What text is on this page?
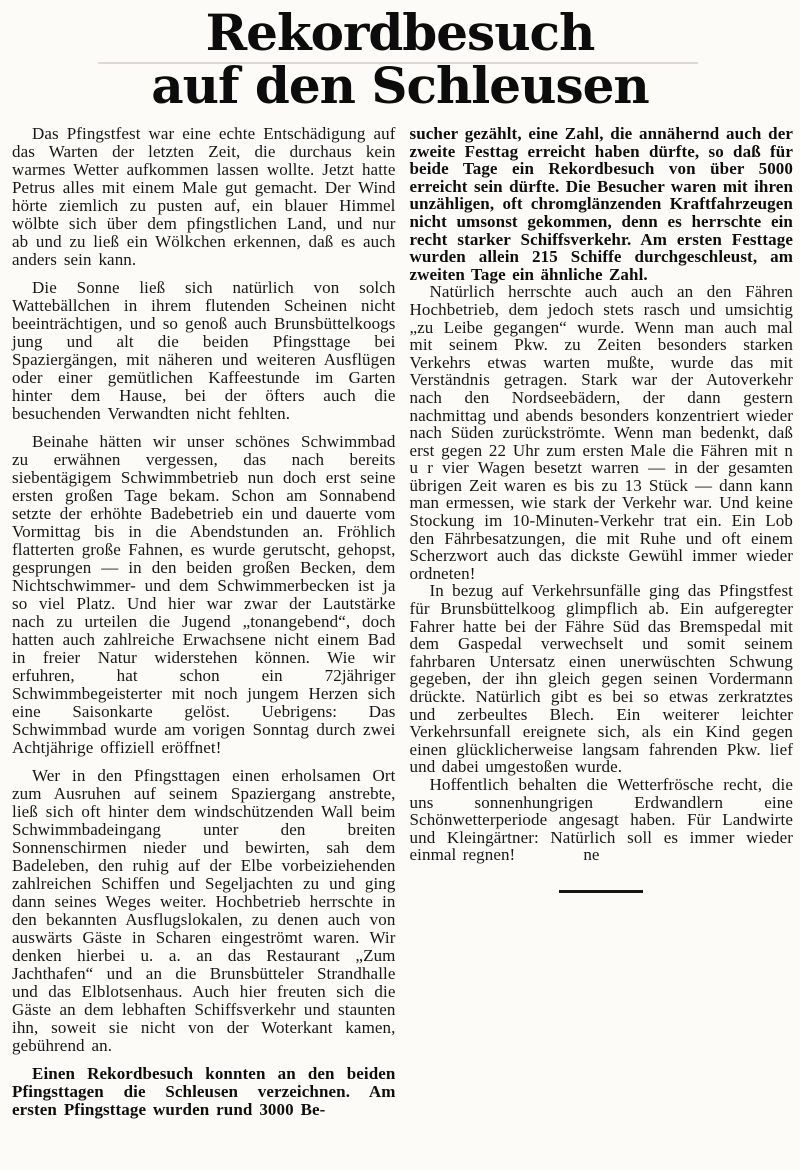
Rekordbesuch
auf den Schleusen

Das Pfingstfest war eine echte Entschädigung auf das Warten der letzten Zeit, die durchaus kein warmes Wetter aufkommen lassen wollte. Jetzt hatte Petrus alles mit einem Male gut gemacht. Der Wind hörte ziemlich zu pusten auf, ein blauer Himmel wölbte sich über dem pfingstlichen Land, und nur ab und zu ließ ein Wölkchen erkennen, daß es auch anders sein kann.

Die Sonne ließ sich natürlich von solch Wattebällchen in ihrem flutenden Scheinen nicht beeinträchtigen, und so genoß auch Brunsbüttelkoogs jung und alt die beiden Pfingsttage bei Spaziergängen, mit näheren und weiteren Ausflügen oder einer gemütlichen Kaffeestunde im Garten hinter dem Hause, bei der öfters auch die besuchenden Verwandten nicht fehlten.

Beinahe hätten wir unser schönes Schwimmbad zu erwähnen vergessen, das nach bereits siebentägigem Schwimmbetrieb nun doch erst seine ersten großen Tage bekam. Schon am Sonnabend setzte der erhöhte Badebetrieb ein und dauerte vom Vormittag bis in die Abendstunden an. Fröhlich flatterten große Fahnen, es wurde gerutscht, gehopst, gesprungen — in den beiden großen Becken, dem Nichtschwimmer- und dem Schwimmerbecken ist ja so viel Platz. Und hier war zwar der Lautstärke nach zu urteilen die Jugend „tonangebend“, doch hatten auch zahlreiche Erwachsene nicht einem Bad in freier Natur widerstehen können. Wie wir erfuhren, hat schon ein 72jähriger Schwimmbegeisterter mit noch jungem Herzen sich eine Saisonkarte gelöst. Uebrigens: Das Schwimmbad wurde am vorigen Sonntag durch zwei Achtjährige offiziell eröffnet!

Wer in den Pfingsttagen einen erholsamen Ort zum Ausruhen auf seinem Spaziergang anstrebte, ließ sich oft hinter dem windschützenden Wall beim Schwimmbadeingang unter den breiten Sonnenschirmen nieder und bewirten, sah dem Badeleben, den ruhig auf der Elbe vorbeiziehenden zahlreichen Schiffen und Segeljachten zu und ging dann seines Weges weiter. Hochbetrieb herrschte in den bekannten Ausflugslokalen, zu denen auch von auswärts Gäste in Scharen eingeströmt waren. Wir denken hierbei u. a. an das Restaurant „Zum Jachthafen“ und an die Brunsbütteler Strandhalle und das Elblotsenhaus. Auch hier freuten sich die Gäste an dem lebhaften Schiffsverkehr und staunten ihn, soweit sie nicht von der Woterkant kamen, gebührend an.

Einen Rekordbesuch konnten an den beiden Pfingsttagen die Schleusen verzeichnen. Am ersten Pfingsttage wurden rund 3000 Be-

sucher gezählt, eine Zahl, die annähernd auch der zweite Festtag erreicht haben dürfte, so daß für beide Tage ein Rekordbesuch von über 5000 erreicht sein dürfte. Die Besucher waren mit ihren unzähligen, oft chromglänzenden Kraftfahrzeugen nicht umsonst gekommen, denn es herrschte ein recht starker Schiffsverkehr. Am ersten Festtage wurden allein 215 Schiffe durchgeschleust, am zweiten Tage ein ähnliche Zahl.

Natürlich herrschte auch auch an den Fähren Hochbetrieb, dem jedoch stets rasch und umsichtig „zu Leibe gegangen“ wurde. Wenn man auch mal mit seinem Pkw. zu Zeiten besonders starken Verkehrs etwas warten mußte, wurde das mit Verständnis getragen. Stark war der Autoverkehr nach den Nordseebädern, der dann gestern nachmittag und abends besonders konzentriert wieder nach Süden zurückströmte. Wenn man bedenkt, daß erst gegen 22 Uhr zum ersten Male die Fähren mit n u r vier Wagen besetzt warren — in der gesamten übrigen Zeit waren es bis zu 13 Stück — dann kann man ermessen, wie stark der Verkehr war. Und keine Stockung im 10-Minuten-Verkehr trat ein. Ein Lob den Fährbesatzungen, die mit Ruhe und oft einem Scherzwort auch das dickste Gewühl immer wieder ordneten!

In bezug auf Verkehrsunfälle ging das Pfingstfest für Brunsbüttelkoog glimpflich ab. Ein aufgeregter Fahrer hatte bei der Fähre Süd das Bremspedal mit dem Gaspedal verwechselt und somit seinem fahrbaren Untersatz einen unerwüschten Schwung gegeben, der ihn gleich gegen seinen Vordermann drückte. Natürlich gibt es bei so etwas zerkratztes und zerbeultes Blech. Ein weiterer leichter Verkehrsunfall ereignete sich, als ein Kind gegen einen glücklicherweise langsam fahrenden Pkw. lief und dabei umgestoßen wurde.

Hoffentlich behalten die Wetterfrösche recht, die uns sonnenhungrigen Erdwandlern eine Schönwetterperiode angesagt haben. Für Landwirte und Kleingärtner: Natürlich soll es immer wieder einmal regnen!	ne
